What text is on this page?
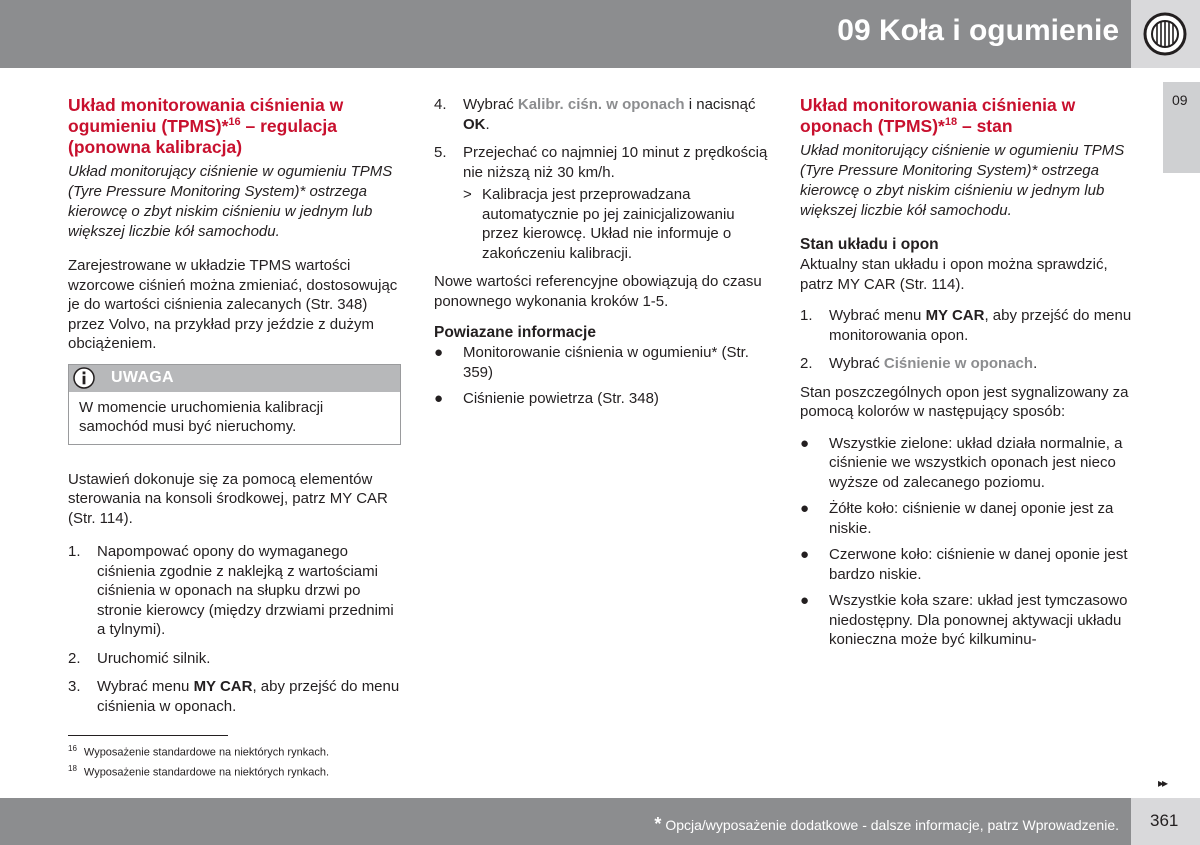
09 Koła i ogumienie
09
Układ monitorowania ciśnienia w ogumieniu (TPMS)*$^{16}$ – regulacja (ponowna kalibracja)

Układ monitorujący ciśnienie w ogumieniu TPMS (Tyre Pressure Monitoring System)* ostrzega kierowcę o zbyt niskim ciśnieniu w jednym lub większej liczbie kół samochodu.

Zarejestrowane w układzie TPMS wartości wzorcowe ciśnień można zmieniać, dostosowując je do wartości ciśnienia zalecanych (Str. 348) przez Volvo, na przykład przy jeździe z dużym obciążeniem.

UWAGA
W momencie uruchomienia kalibracji samochód musi być nieruchomy.

Ustawień dokonuje się za pomocą elementów sterowania na konsoli środkowej, patrz MY CAR (Str. 114).

1. Napompować opony do wymaganego ciśnienia zgodnie z naklejką z wartościami ciśnienia w oponach na słupku drzwi po stronie kierowcy (między drzwiami przednimi a tylnymi).
2. Uruchomić silnik.
3. Wybrać menu MY CAR, aby przejść do menu ciśnienia w oponach.
4. Wybrać Kalibr. ciśn. w oponach i nacisnąć OK.
5. Przejechać co najmniej 10 minut z prędkością nie niższą niż 30 km/h.
> Kalibracja jest przeprowadzana automatycznie po jej zainicjalizowaniu przez kierowcę. Układ nie informuje o zakończeniu kalibracji.

Nowe wartości referencyjne obowiązują do czasu ponownego wykonania kroków 1-5.

Powiazane informacje
● Monitorowanie ciśnienia w ogumieniu* (Str. 359)
● Ciśnienie powietrza (Str. 348)
Układ monitorowania ciśnienia w oponach (TPMS)*$^{18}$ – stan

Układ monitorujący ciśnienie w ogumieniu TPMS (Tyre Pressure Monitoring System)* ostrzega kierowcę o zbyt niskim ciśnieniu w jednym lub większej liczbie kół samochodu.

Stan układu i opon

Aktualny stan układu i opon można sprawdzić, patrz MY CAR (Str. 114).

1. Wybrać menu MY CAR, aby przejść do menu monitorowania opon.
2. Wybrać Ciśnienie w oponach.

Stan poszczególnych opon jest sygnalizowany za pomocą kolorów w następujący sposób:

● Wszystkie zielone: układ działa normalnie, a ciśnienie we wszystkich oponach jest nieco wyższe od zalecanego poziomu.
● Żółte koło: ciśnienie w danej oponie jest za niskie.
● Czerwone koło: ciśnienie w danej oponie jest bardzo niskie.
● Wszystkie koła szare: układ jest tymczasowo niedostępny. Dla ponownej aktywacji układu konieczna może być kilkuminu-
$^{16}$ Wyposażenie standardowe na niektórych rynkach.
$^{18}$ Wyposażenie standardowe na niektórych rynkach.
▸▸
* Opcja/wyposażenie dodatkowe - dalsze informacje, patrz Wprowadzenie. 361
